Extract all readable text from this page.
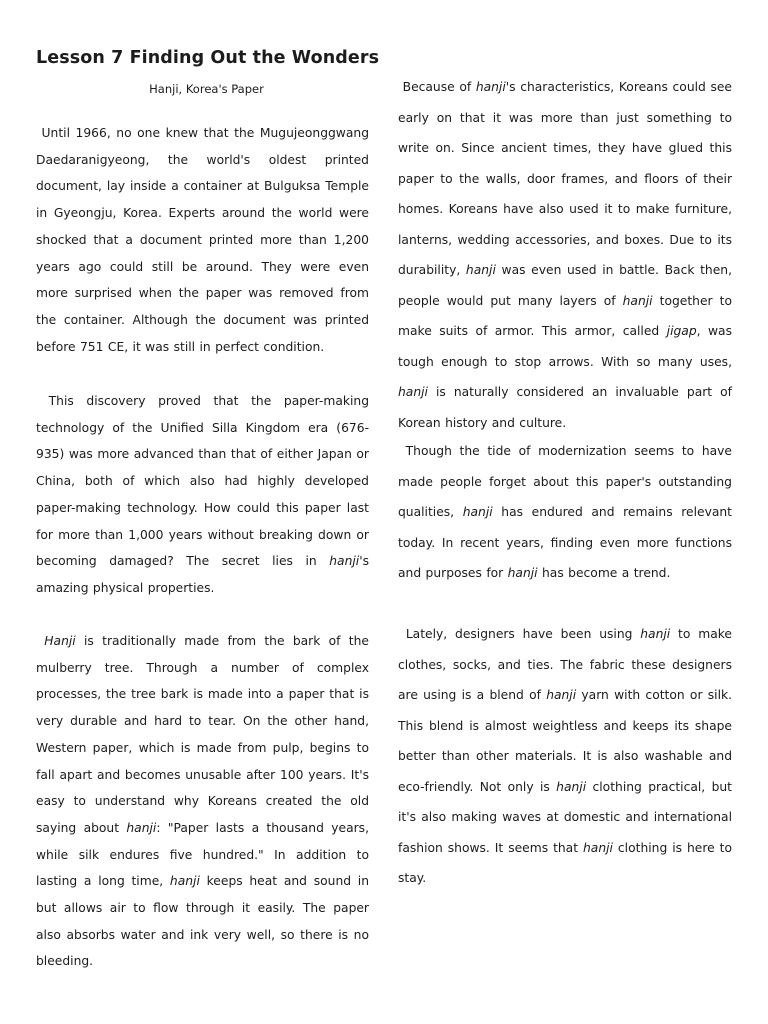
Lesson 7 Finding Out the Wonders
Hanji, Korea's Paper

Until 1966, no one knew that the Mugujeonggwang Daedaranigyeong, the world's oldest printed document, lay inside a container at Bulguksa Temple in Gyeongju, Korea. Experts around the world were shocked that a document printed more than 1,200 years ago could still be around. They were even more surprised when the paper was removed from the container. Although the document was printed before 751 CE, it was still in perfect condition.

This discovery proved that the paper-making technology of the Unified Silla Kingdom era (676-935) was more advanced than that of either Japan or China, both of which also had highly developed paper-making technology. How could this paper last for more than 1,000 years without breaking down or becoming damaged? The secret lies in hanji's amazing physical properties.

Hanji is traditionally made from the bark of the mulberry tree. Through a number of complex processes, the tree bark is made into a paper that is very durable and hard to tear. On the other hand, Western paper, which is made from pulp, begins to fall apart and becomes unusable after 100 years. It's easy to understand why Koreans created the old saying about hanji: "Paper lasts a thousand years, while silk endures five hundred." In addition to lasting a long time, hanji keeps heat and sound in but allows air to flow through it easily. The paper also absorbs water and ink very well, so there is no bleeding.

Because of hanji's characteristics, Koreans could see early on that it was more than just something to write on. Since ancient times, they have glued this paper to the walls, door frames, and floors of their homes. Koreans have also used it to make furniture, lanterns, wedding accessories, and boxes. Due to its durability, hanji was even used in battle. Back then, people would put many layers of hanji together to make suits of armor. This armor, called jigap, was tough enough to stop arrows. With so many uses, hanji is naturally considered an invaluable part of Korean history and culture.

Though the tide of modernization seems to have made people forget about this paper's outstanding qualities, hanji has endured and remains relevant today. In recent years, finding even more functions and purposes for hanji has become a trend.

Lately, designers have been using hanji to make clothes, socks, and ties. The fabric these designers are using is a blend of hanji yarn with cotton or silk. This blend is almost weightless and keeps its shape better than other materials. It is also washable and eco-friendly. Not only is hanji clothing practical, but it's also making waves at domestic and international fashion shows. It seems that hanji clothing is here to stay.
